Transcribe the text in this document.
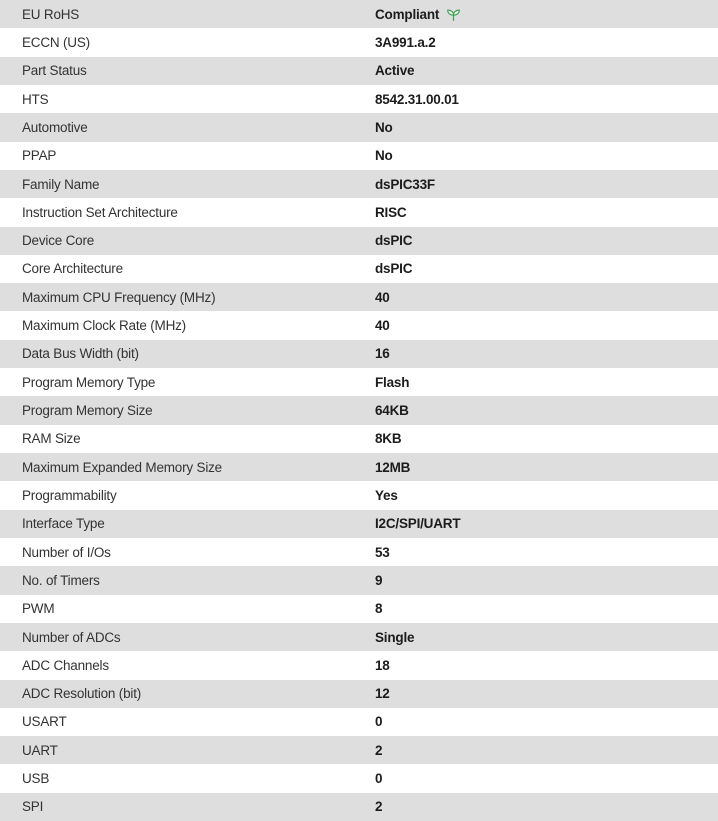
EU RoHS	Compliant
ECCN (US)	3A991.a.2
Part Status	Active
HTS	8542.31.00.01
Automotive	No
PPAP	No
Family Name	dsPIC33F
Instruction Set Architecture	RISC
Device Core	dsPIC
Core Architecture	dsPIC
Maximum CPU Frequency (MHz)	40
Maximum Clock Rate (MHz)	40
Data Bus Width (bit)	16
Program Memory Type	Flash
Program Memory Size	64KB
RAM Size	8KB
Maximum Expanded Memory Size	12MB
Programmability	Yes
Interface Type	I2C/SPI/UART
Number of I/Os	53
No. of Timers	9
PWM	8
Number of ADCs	Single
ADC Channels	18
ADC Resolution (bit)	12
USART	0
UART	2
USB	0
SPI	2
